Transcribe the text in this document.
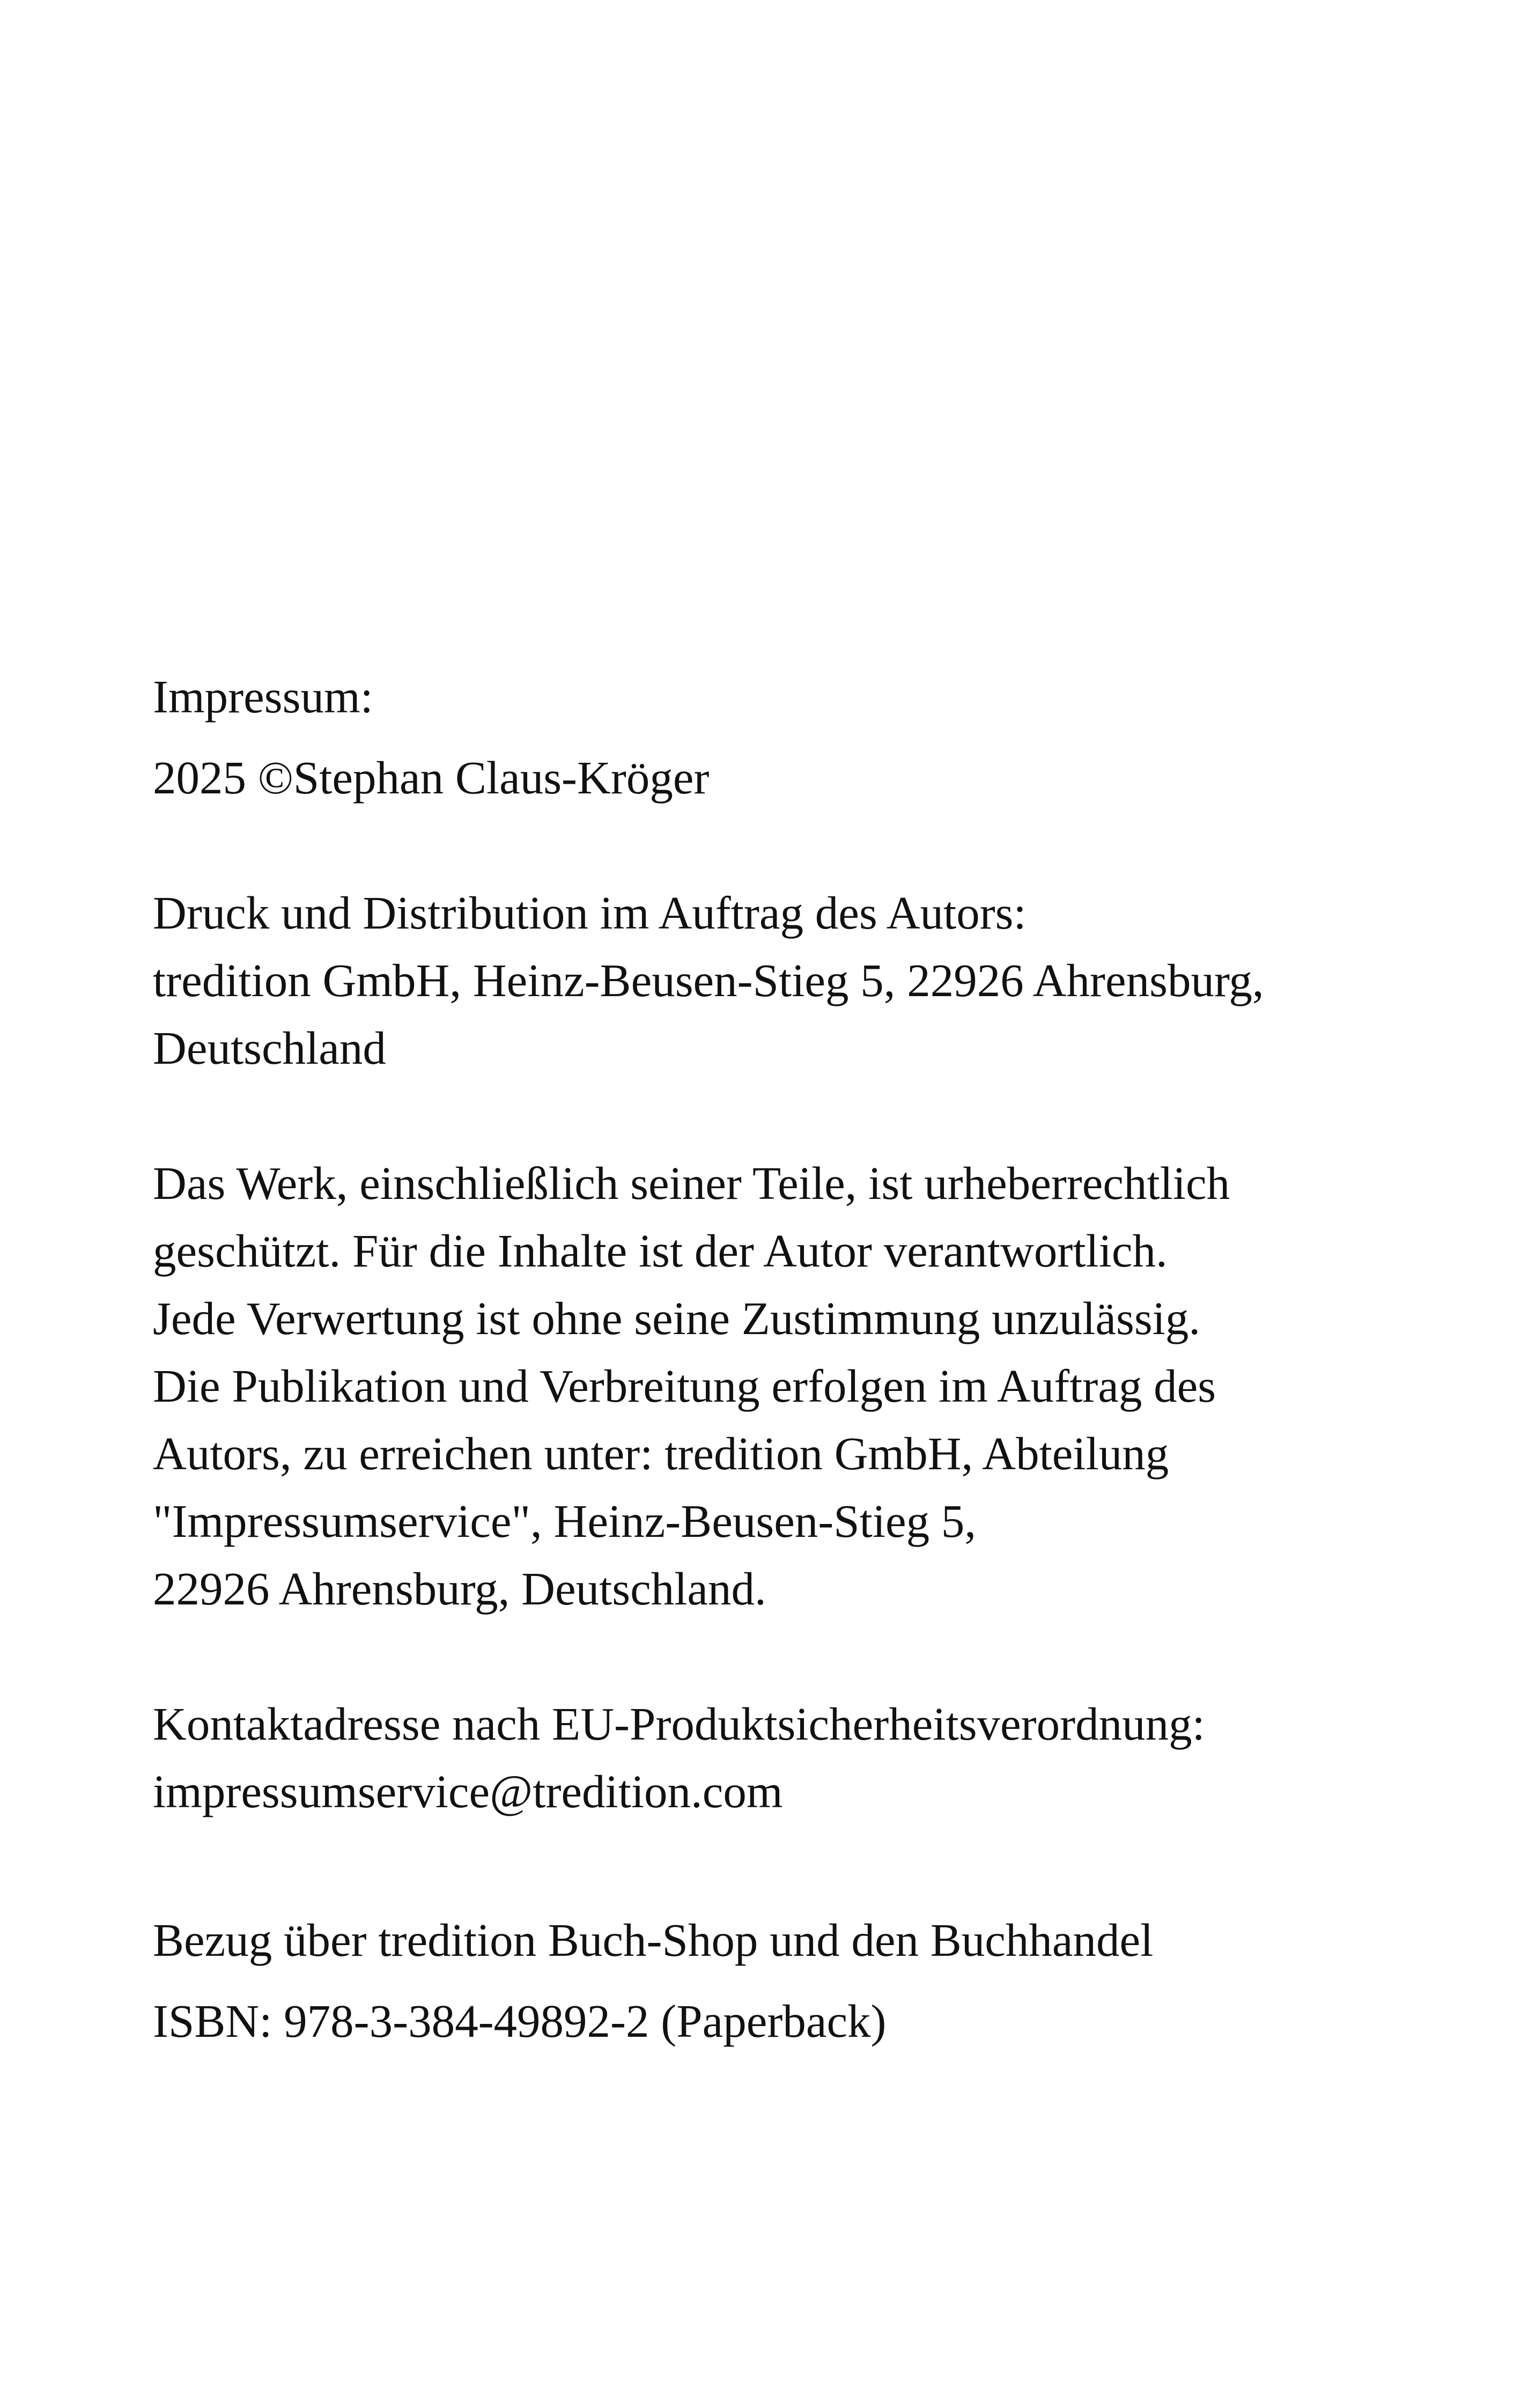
Impressum:
2025 ©Stephan Claus-Kröger
Druck und Distribution im Auftrag des Autors:
tredition GmbH, Heinz-Beusen-Stieg 5, 22926 Ahrensburg,
Deutschland
Das Werk, einschließlich seiner Teile, ist urheberrechtlich
geschützt. Für die Inhalte ist der Autor verantwortlich.
Jede Verwertung ist ohne seine Zustimmung unzulässig.
Die Publikation und Verbreitung erfolgen im Auftrag des
Autors, zu erreichen unter: tredition GmbH, Abteilung
"Impressumservice", Heinz-Beusen-Stieg 5,
22926 Ahrensburg, Deutschland.
Kontaktadresse nach EU-Produktsicherheitsverordnung:
impressumservice@tredition.com
Bezug über tredition Buch-Shop und den Buchhandel
ISBN: 978-3-384-49892-2 (Paperback)
